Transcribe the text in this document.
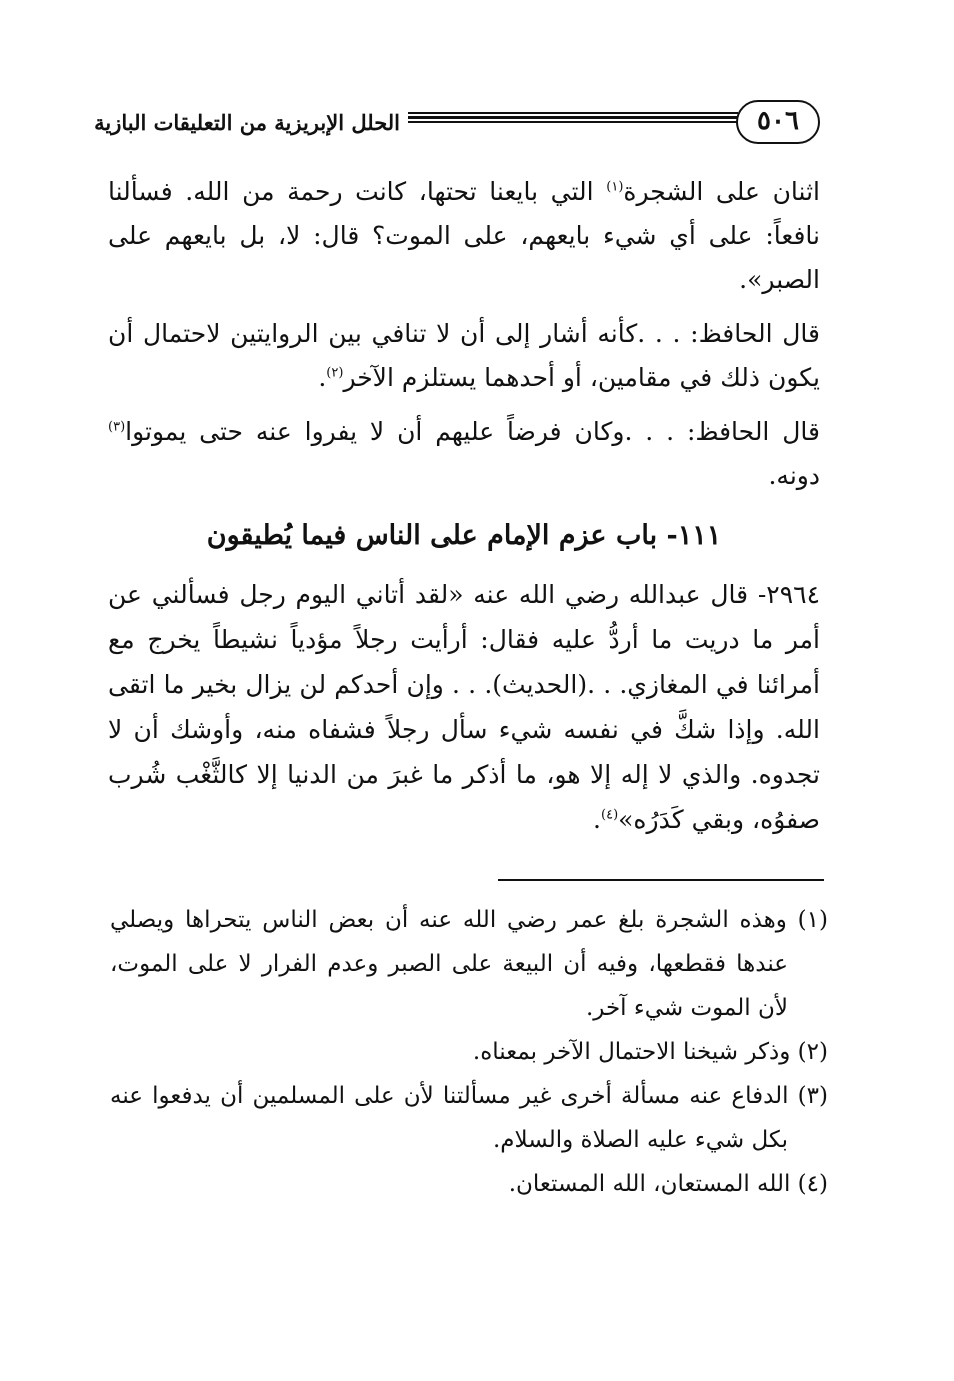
٥٠٦
الحلل الإبريزية من التعليقات البازية

اثنان على الشجرة$^{(١)}$ التي بايعنا تحتها، كانت رحمة من الله. فسألنا نافعاً: على أي شيء بايعهم، على الموت؟ قال: لا، بل بايعهم على الصبر».

قال الحافظ: . . .كأنه أشار إلى أن لا تنافي بين الروايتين لاحتمال أن يكون ذلك في مقامين، أو أحدهما يستلزم الآخر$^{(٢)}$.

قال الحافظ: . . .وكان فرضاً عليهم أن لا يفروا عنه حتى يموتوا$^{(٣)}$ دونه.

١١١- باب عزم الإمام على الناس فيما يُطيقون

٢٩٦٤- قال عبدالله رضي الله عنه «لقد أتاني اليوم رجل فسألني عن أمر ما دريت ما أردُّ عليه فقال: أرأيت رجلاً مؤدياً نشيطاً يخرج مع أمرائنا في المغازي. . .(الحديث). . . وإن أحدكم لن يزال بخير ما اتقى الله. وإذا شكَّ في نفسه شيء سأل رجلاً فشفاه منه، وأوشك أن لا تجدوه. والذي لا إله إلا هو، ما أذكر ما غبرَ من الدنيا إلا كالثَّغْب شُرب صفوُه، وبقي كَدَرُه»$^{(٤)}$.

(١) وهذه الشجرة بلغ عمر رضي الله عنه أن بعض الناس يتحراها ويصلي عندها فقطعها، وفيه أن البيعة على الصبر وعدم الفرار لا على الموت، لأن الموت شيء آخر.

(٢) وذكر شيخنا الاحتمال الآخر بمعناه.

(٣) الدفاع عنه مسألة أخرى غير مسألتنا لأن على المسلمين أن يدفعوا عنه بكل شيء عليه الصلاة والسلام.

(٤) الله المستعان، الله المستعان.
